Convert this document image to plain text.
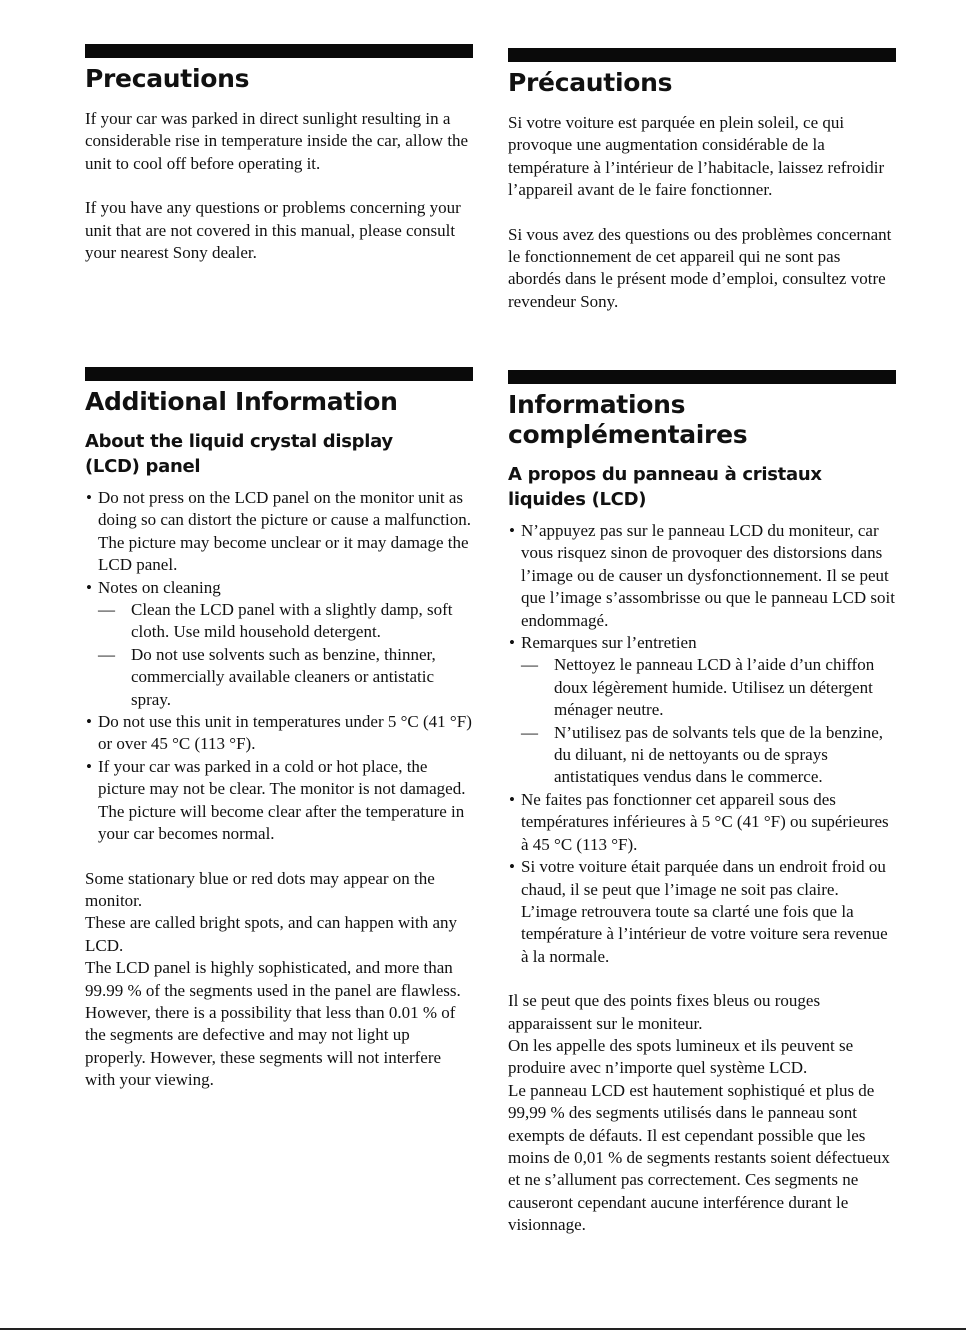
Precautions

If your car was parked in direct sunlight resulting in a considerable rise in temperature inside the car, allow the unit to cool off before operating it.

If you have any questions or problems concerning your unit that are not covered in this manual, please consult your nearest Sony dealer.

Précautions

Si votre voiture est parquée en plein soleil, ce qui provoque une augmentation considérable de la température à l’intérieur de l’habitacle, laissez refroidir l’appareil avant de le faire fonctionner.

Si vous avez des questions ou des problèmes concernant le fonctionnement de cet appareil qui ne sont pas abordés dans le présent mode d’emploi, consultez votre revendeur Sony.

Additional Information
About the liquid crystal display (LCD) panel
• Do not press on the LCD panel on the monitor unit as doing so can distort the picture or cause a malfunction. The picture may become unclear or it may damage the LCD panel.
• Notes on cleaning
— Clean the LCD panel with a slightly damp, soft cloth. Use mild household detergent.
— Do not use solvents such as benzine, thinner, commercially available cleaners or antistatic spray.
• Do not use this unit in temperatures under 5 °C (41 °F) or over 45 °C (113 °F).
• If your car was parked in a cold or hot place, the picture may not be clear. The monitor is not damaged. The picture will become clear after the temperature in your car becomes normal.

Some stationary blue or red dots may appear on the monitor.

These are called bright spots, and can happen with any LCD.

The LCD panel is highly sophisticated, and more than 99.99 % of the segments used in the panel are flawless. However, there is a possibility that less than 0.01 % of the segments are defective and may not light up properly. However, these segments will not interfere with your viewing.

Informations complémentaires
A propos du panneau à cristaux liquides (LCD)
• N’appuyez pas sur le panneau LCD du moniteur, car vous risquez sinon de provoquer des distorsions dans l’image ou de causer un dysfonctionnement. Il se peut que l’image s’assombrisse ou que le panneau LCD soit endommagé.
• Remarques sur l’entretien
— Nettoyez le panneau LCD à l’aide d’un chiffon doux légèrement humide. Utilisez un détergent ménager neutre.
— N’utilisez pas de solvants tels que de la benzine, du diluant, ni de nettoyants ou de sprays antistatiques vendus dans le commerce.
• Ne faites pas fonctionner cet appareil sous des températures inférieures à 5 °C (41 °F) ou supérieures à 45 °C (113 °F).
• Si votre voiture était parquée dans un endroit froid ou chaud, il se peut que l’image ne soit pas claire. L’image retrouvera toute sa clarté une fois que la température à l’intérieur de votre voiture sera revenue à la normale.

Il se peut que des points fixes bleus ou rouges apparaissent sur le moniteur.

On les appelle des spots lumineux et ils peuvent se produire avec n’importe quel système LCD.

Le panneau LCD est hautement sophistiqué et plus de 99,99 % des segments utilisés dans le panneau sont exempts de défauts. Il est cependant possible que les moins de 0,01 % de segments restants soient défectueux et ne s’allument pas correctement. Ces segments ne causeront cependant aucune interférence durant le visionnage.
